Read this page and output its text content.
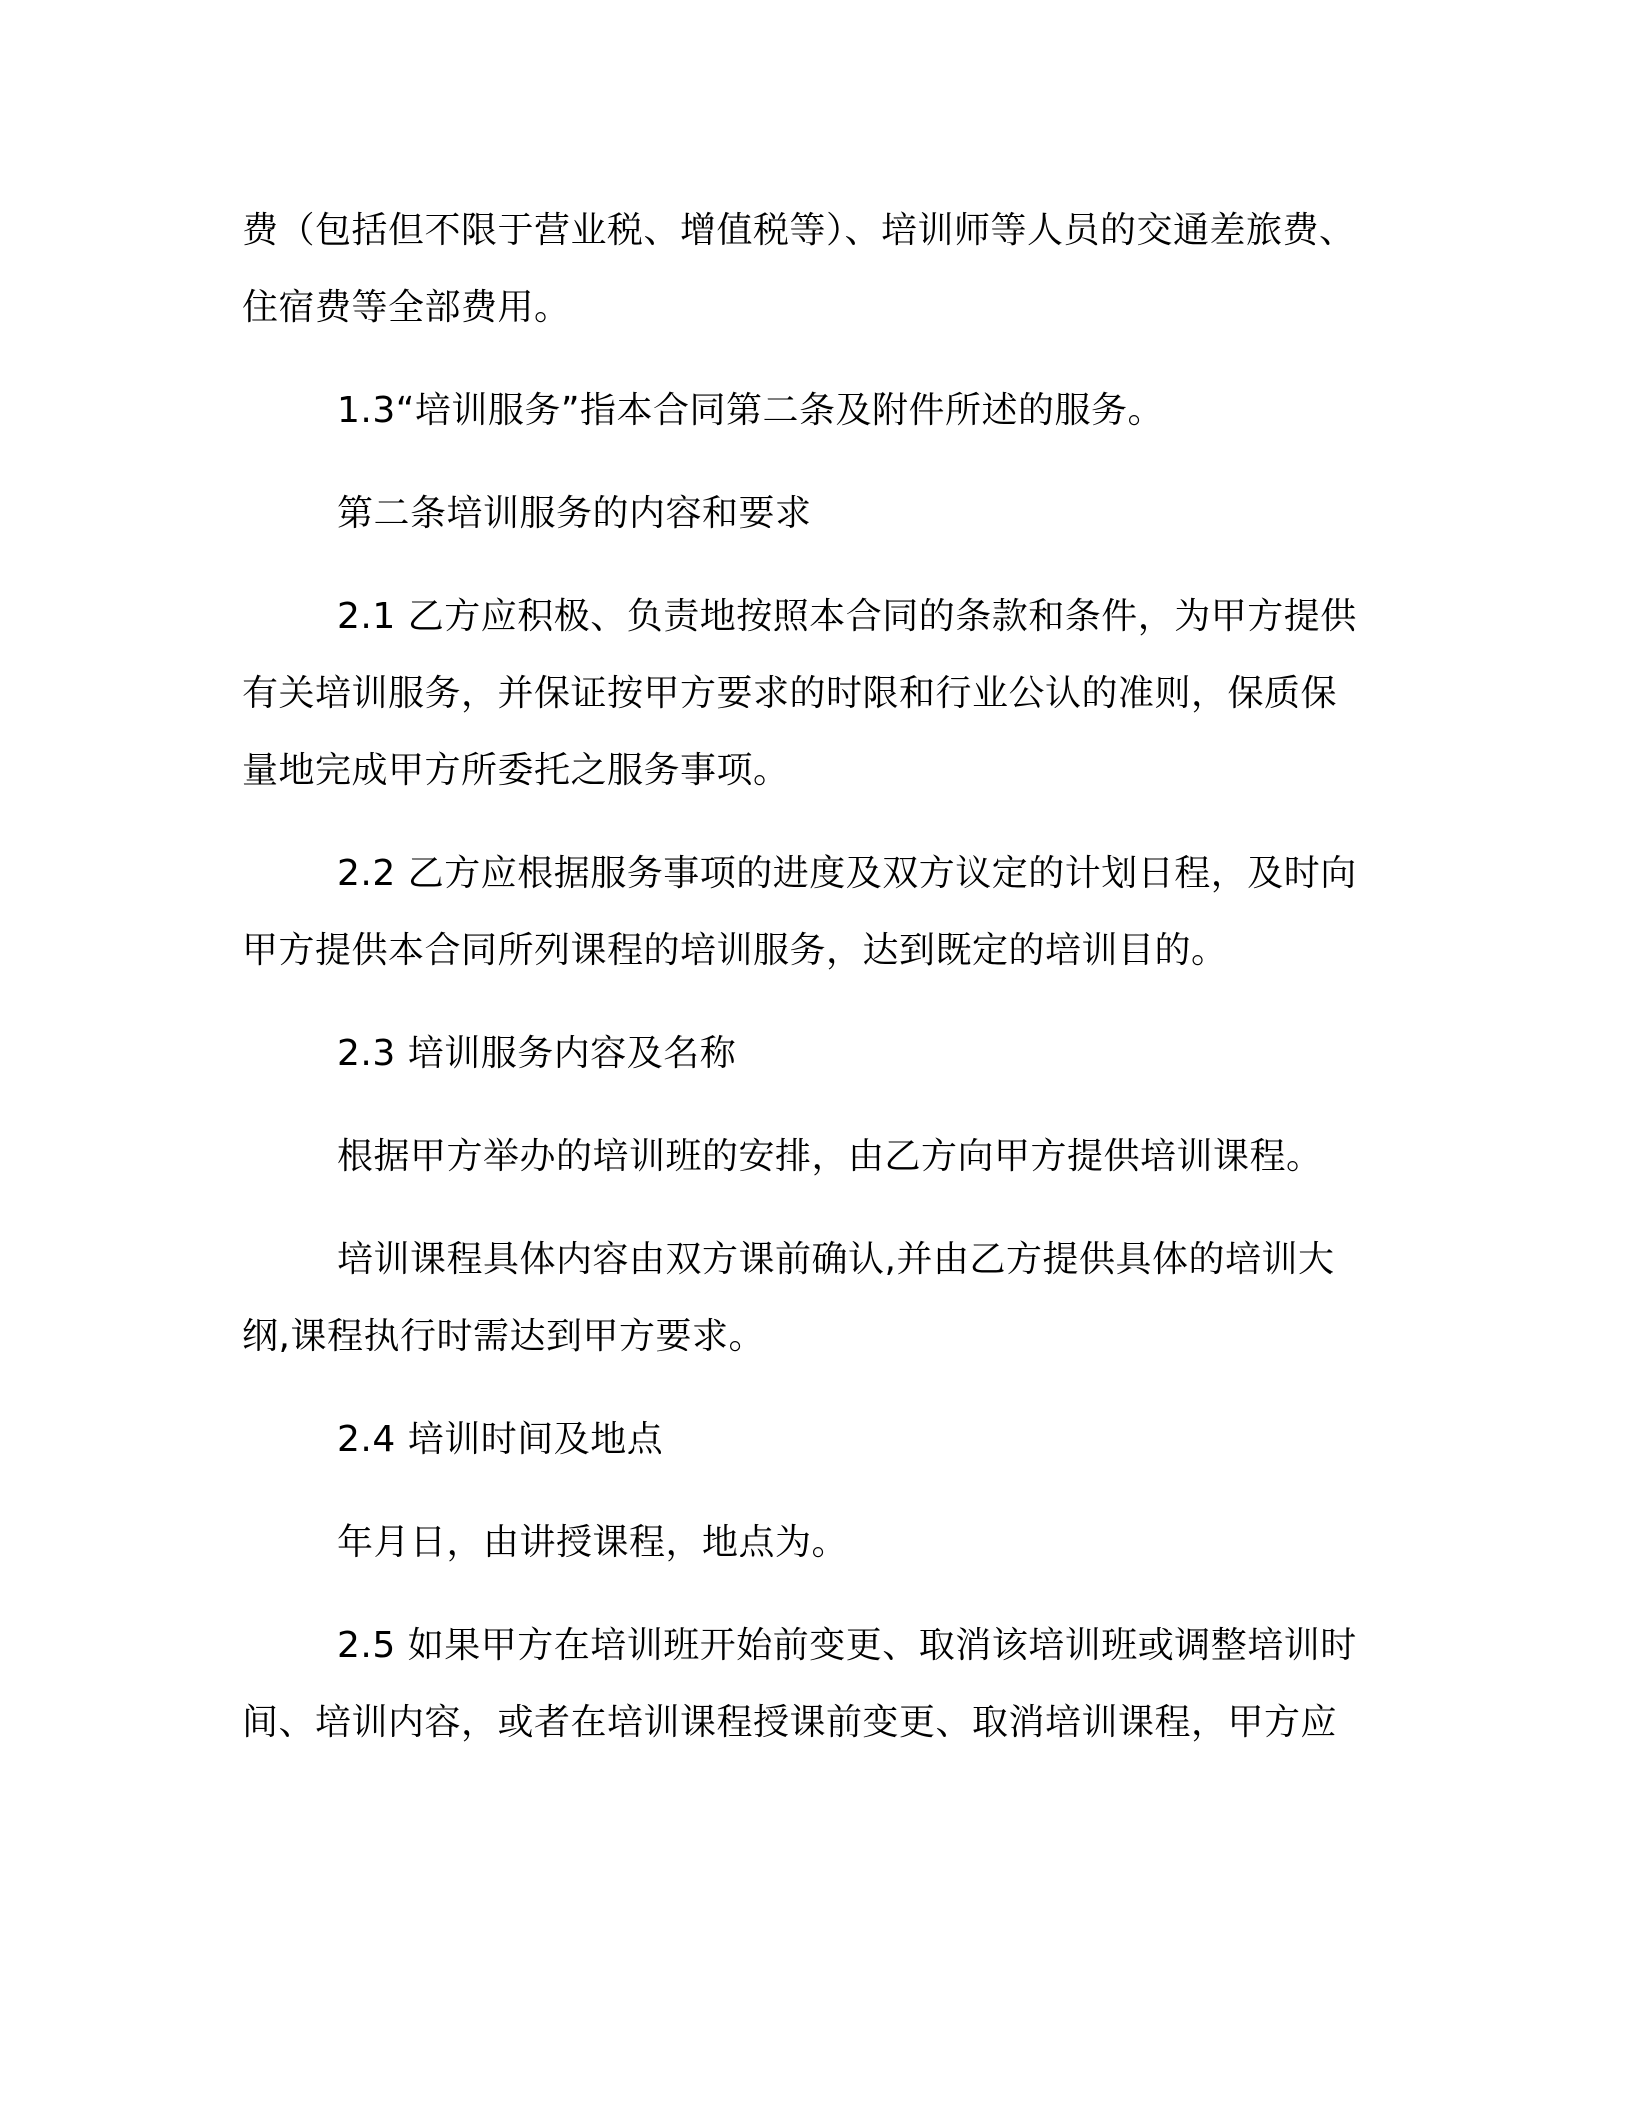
费（包括但不限于营业税、增值税等）、培训师等人员的交通差旅费、
住宿费等全部费用。

1.3“培训服务”指本合同第二条及附件所述的服务。

第二条培训服务的内容和要求

2.1 乙方应积极、负责地按照本合同的条款和条件，为甲方提供
有关培训服务，并保证按甲方要求的时限和行业公认的准则，保质保
量地完成甲方所委托之服务事项。

2.2 乙方应根据服务事项的进度及双方议定的计划日程，及时向
甲方提供本合同所列课程的培训服务，达到既定的培训目的。

2.3 培训服务内容及名称

根据甲方举办的培训班的安排，由乙方向甲方提供培训课程。

培训课程具体内容由双方课前确认,并由乙方提供具体的培训大
纲,课程执行时需达到甲方要求。

2.4 培训时间及地点

年月日，由讲授课程，地点为。

2.5 如果甲方在培训班开始前变更、取消该培训班或调整培训时
间、培训内容，或者在培训课程授课前变更、取消培训课程，甲方应
